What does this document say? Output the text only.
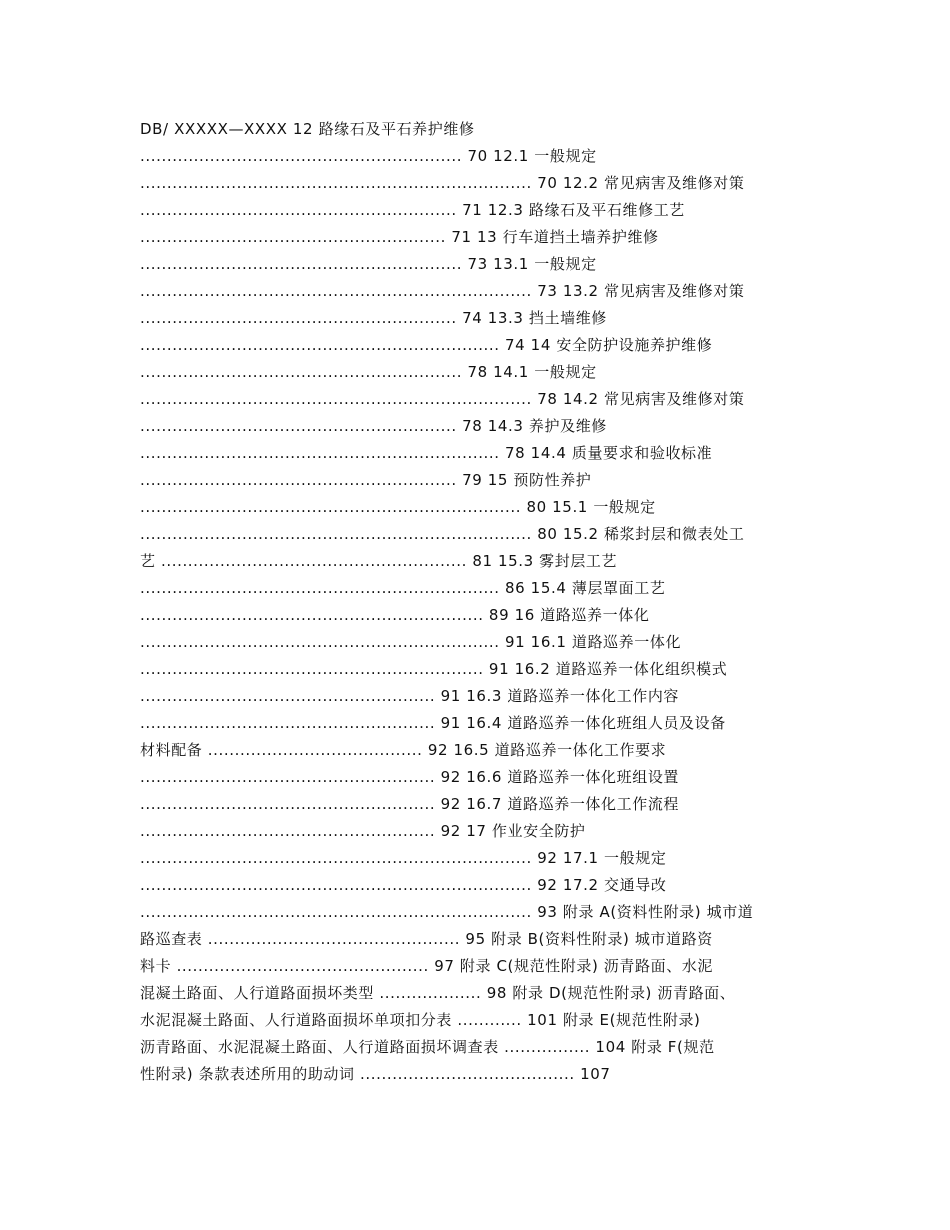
DB/ XXXXX—XXXX 12 路缘石及平石养护维修
............................................................ 70 12.1 一般规定
......................................................................... 70 12.2 常见病害及维修对策
........................................................... 71 12.3 路缘石及平石维修工艺
......................................................... 71 13 行车道挡土墙养护维修
............................................................ 73 13.1 一般规定
......................................................................... 73 13.2 常见病害及维修对策
........................................................... 74 13.3 挡土墙维修
................................................................... 74 14 安全防护设施养护维修
............................................................ 78 14.1 一般规定
......................................................................... 78 14.2 常见病害及维修对策
........................................................... 78 14.3 养护及维修
................................................................... 78 14.4 质量要求和验收标准
........................................................... 79 15 预防性养护
....................................................................... 80 15.1 一般规定
......................................................................... 80 15.2 稀浆封层和微表处工
艺 ......................................................... 81 15.3 雾封层工艺
................................................................... 86 15.4 薄层罩面工艺
................................................................ 89 16 道路巡养一体化
................................................................... 91 16.1 道路巡养一体化
................................................................ 91 16.2 道路巡养一体化组织模式
....................................................... 91 16.3 道路巡养一体化工作内容
....................................................... 91 16.4 道路巡养一体化班组人员及设备
材料配备 ........................................ 92 16.5 道路巡养一体化工作要求
....................................................... 92 16.6 道路巡养一体化班组设置
....................................................... 92 16.7 道路巡养一体化工作流程
....................................................... 92 17 作业安全防护
......................................................................... 92 17.1 一般规定
......................................................................... 92 17.2 交通导改
......................................................................... 93 附录 A(资料性附录) 城市道
路巡查表 ............................................... 95 附录 B(资料性附录) 城市道路资
料卡 ............................................... 97 附录 C(规范性附录) 沥青路面、水泥
混凝土路面、人行道路面损坏类型 ................... 98 附录 D(规范性附录) 沥青路面、
水泥混凝土路面、人行道路面损坏单项扣分表 ............ 101 附录 E(规范性附录)
沥青路面、水泥混凝土路面、人行道路面损坏调查表 ................ 104 附录 F(规范
性附录) 条款表述所用的助动词 ........................................ 107
